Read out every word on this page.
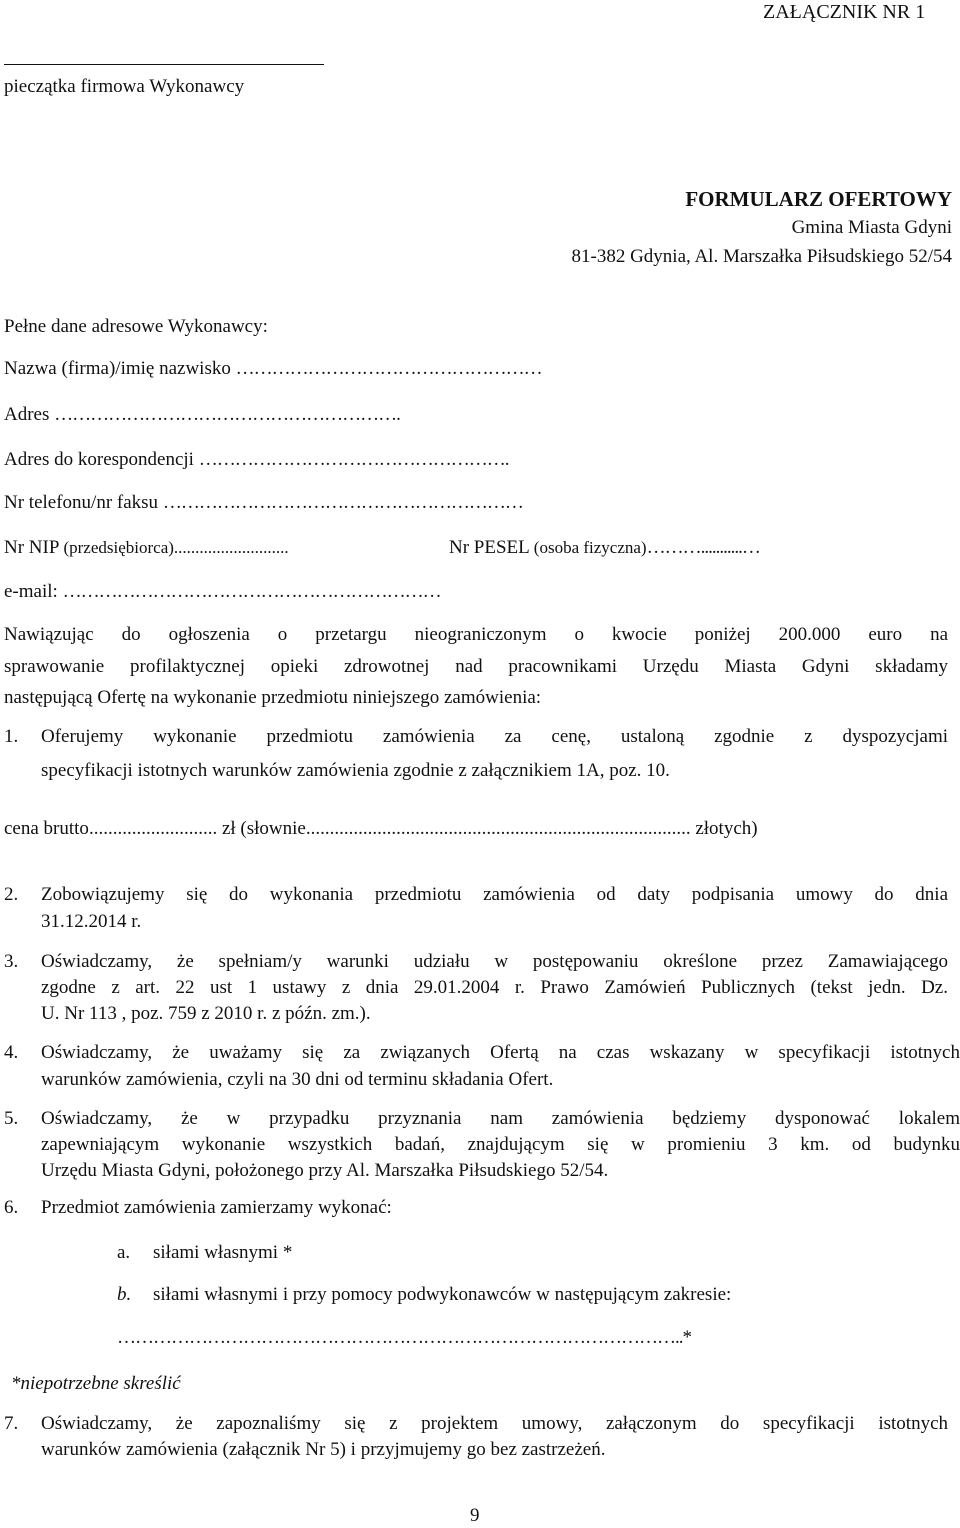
ZAŁĄCZNIK NR 1
pieczątka firmowa Wykonawcy
FORMULARZ OFERTOWY
Gmina Miasta Gdyni
81-382 Gdynia, Al. Marszałka Piłsudskiego 52/54
Pełne dane adresowe Wykonawcy:
Nazwa (firma)/imię nazwisko ……………………………………………
Adres ………………………………………………….
Adres do korespondencji …………………………………………….
Nr telefonu/nr faksu ……………………………………………………
Nr NIP (przedsiębiorca)...........................	Nr PESEL (osoba fizyczna)………...........…
e-mail: ………………………………………………………
Nawiązując do ogłoszenia o przetargu nieograniczonym o kwocie poniżej 200.000 euro na
sprawowanie profilaktycznej opieki zdrowotnej nad pracownikami Urzędu Miasta Gdyni składamy
następującą Ofertę na wykonanie przedmiotu niniejszego zamówienia:
1. Oferujemy wykonanie przedmiotu zamówienia za cenę, ustaloną zgodnie z dyspozycjami
specyfikacji istotnych warunków zamówienia zgodnie z załącznikiem 1A, poz. 10.
cena brutto........................... zł (słownie................................................................................. złotych)
2. Zobowiązujemy się do wykonania przedmiotu zamówienia od daty podpisania umowy do dnia
31.12.2014 r.
3. Oświadczamy, że spełniam/y warunki udziału w postępowaniu określone przez Zamawiającego
zgodne z art. 22 ust 1 ustawy z dnia 29.01.2004 r. Prawo Zamówień Publicznych (tekst jedn. Dz.
U. Nr 113 , poz. 759 z 2010 r. z późn. zm.).
4. Oświadczamy, że uważamy się za związanych Ofertą na czas wskazany w specyfikacji istotnych
warunków zamówienia, czyli na 30 dni od terminu składania Ofert.
5. Oświadczamy, że w przypadku przyznania nam zamówienia będziemy dysponować lokalem
zapewniającym wykonanie wszystkich badań, znajdującym się w promieniu 3 km. od budynku
Urzędu Miasta Gdyni, położonego przy Al. Marszałka Piłsudskiego 52/54.
6. Przedmiot zamówienia zamierzamy wykonać:
a. siłami własnymi *
b. siłami własnymi i przy pomocy podwykonawców w następującym zakresie:
…………………………………………………………………………………..*
*niepotrzebne skreślić
7. Oświadczamy, że zapoznaliśmy się z projektem umowy, załączonym do specyfikacji istotnych
warunków zamówienia (załącznik Nr 5) i przyjmujemy go bez zastrzeżeń.
9
